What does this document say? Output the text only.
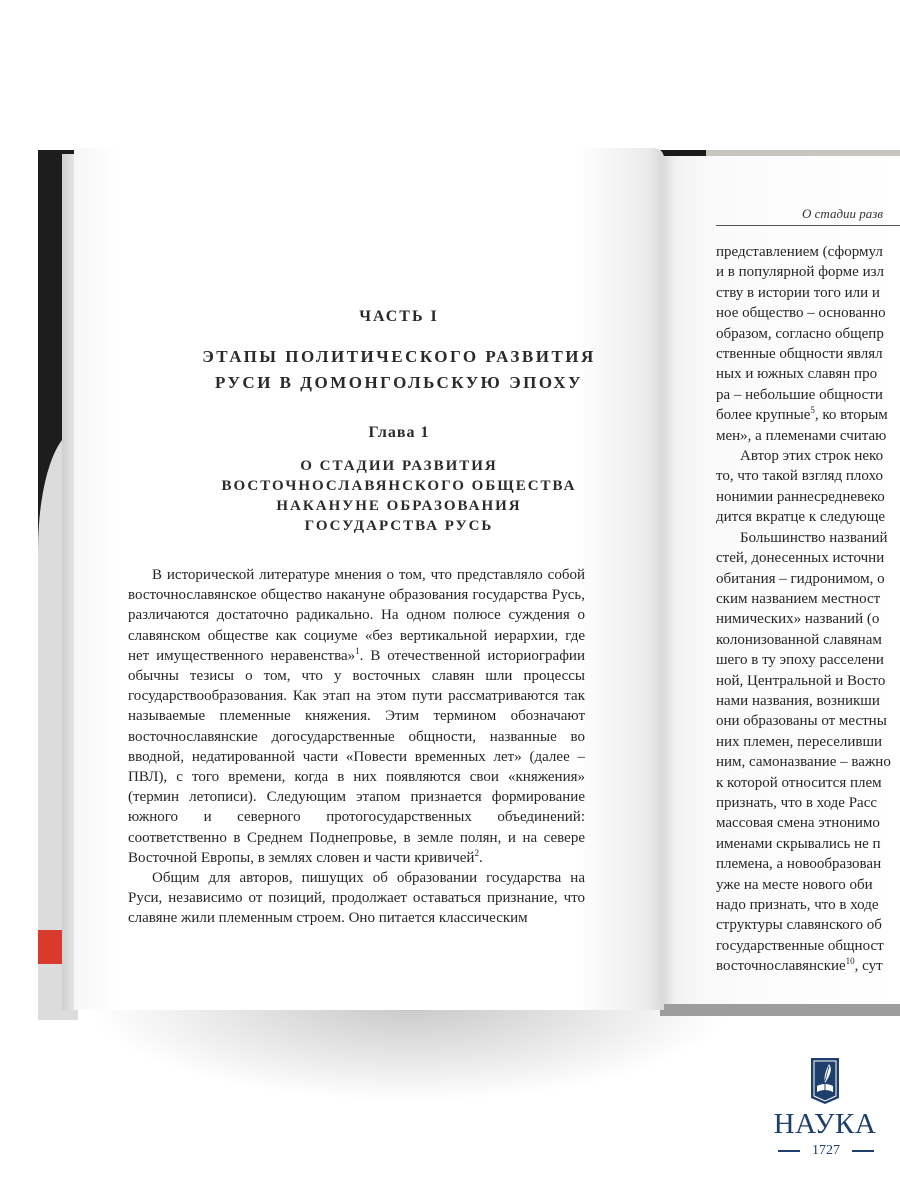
ЧАСТЬ I
ЭТАПЫ ПОЛИТИЧЕСКОГО РАЗВИТИЯ
РУСИ В ДОМОНГОЛЬСКУЮ ЭПОХУ
Глава 1
О СТАДИИ РАЗВИТИЯ
ВОСТОЧНОСЛАВЯНСКОГО ОБЩЕСТВА
НАКАНУНЕ ОБРАЗОВАНИЯ
ГОСУДАРСТВА РУСЬ

В исторической литературе мнения о том, что представляло собой восточнославянское общество накануне образования государства Русь, различаются достаточно радикально. На одном полюсе суждения о славянском обществе как социуме «без вертикальной иерархии, где нет имущественного неравенства»$^1$. В отечественной историографии обычны тезисы о том, что у восточных славян шли процессы государствообразования. Как этап на этом пути рассматриваются так называемые племенные княжения. Этим термином обозначают восточнославянские догосударственные общности, названные во вводной, недатированной части «Повести временных лет» (далее – ПВЛ), с того времени, когда в них появляются свои «княжения» (термин летописи). Следующим этапом признается формирование южного и северного протогосударственных объединений: соответственно в Среднем Поднепровье, в земле полян, и на севере Восточной Европы, в землях словен и части кривичей$^2$.

Общим для авторов, пишущих об образовании государства на Руси, независимо от позиций, продолжает оставаться признание, что славяне жили племенным строем. Оно питается классическим

О стадии разв
представлением (сформул
и в популярной форме изл
ству в истории того или и
ное общество – основанно
образом, согласно общепр
ственные общности являл
ных и южных славян про
ра – небольшие общности
более крупные$^5$, ко вторым
мен», а племенами считаю
Автор этих строк неко
то, что такой взгляд плохо
нонимии раннесредневеко
дится вкратце к следующе
Большинство названий
стей, донесенных источни
обитания – гидронимом, о
ским названием местност
нимических» названий (о
колонизованной славянам
шего в ту эпоху расселени
ной, Центральной и Восто
нами названия, возникши
они образованы от местны
них племен, переселивши
ним, самоназвание – важно
к которой относится плем
признать, что в ходе Расс
массовая смена этнонимо
именами скрывались не п
племена, а новообразован
уже на месте нового оби
надо признать, что в ходе
структуры славянского об
государственные общност
восточнославянские$^{10}$, сут
НАУКА
1727
